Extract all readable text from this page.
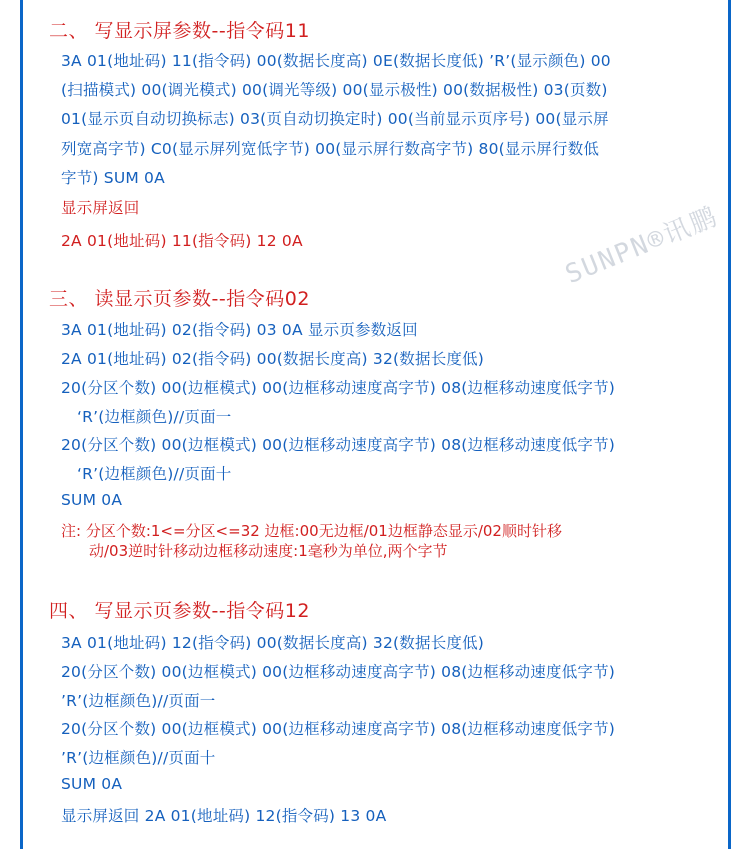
二、 写显示屏参数--指令码11
3A 01(地址码) 11(指令码) 00(数据长度高) 0E(数据长度低) ’R’(显示颜色) 00
(扫描模式) 00(调光模式) 00(调光等级) 00(显示极性) 00(数据极性) 03(页数)
01(显示页自动切换标志) 03(页自动切换定时) 00(当前显示页序号) 00(显示屏
列宽高字节) C0(显示屏列宽低字节) 00(显示屏行数高字节) 80(显示屏行数低
字节) SUM 0A
显示屏返回
2A 01(地址码) 11(指令码) 12 0A	SUNPN®讯鹏
三、 读显示页参数--指令码02
3A 01(地址码) 02(指令码) 03 0A 显示页参数返回
2A 01(地址码) 02(指令码) 00(数据长度高) 32(数据长度低)
20(分区个数) 00(边框模式) 00(边框移动速度高字节) 08(边框移动速度低字节)
‘R’(边框颜色)//页面一
20(分区个数) 00(边框模式) 00(边框移动速度高字节) 08(边框移动速度低字节)
‘R’(边框颜色)//页面十
SUM 0A
注: 分区个数:1<=分区<=32 边框:00无边框/01边框静态显示/02顺时针移
动/03逆时针移动边框移动速度:1毫秒为单位,两个字节
四、 写显示页参数--指令码12
3A 01(地址码) 12(指令码) 00(数据长度高) 32(数据长度低)
20(分区个数) 00(边框模式) 00(边框移动速度高字节) 08(边框移动速度低字节)
’R’(边框颜色)//页面一
20(分区个数) 00(边框模式) 00(边框移动速度高字节) 08(边框移动速度低字节)
’R’(边框颜色)//页面十
SUM 0A
显示屏返回 2A 01(地址码) 12(指令码) 13 0A
